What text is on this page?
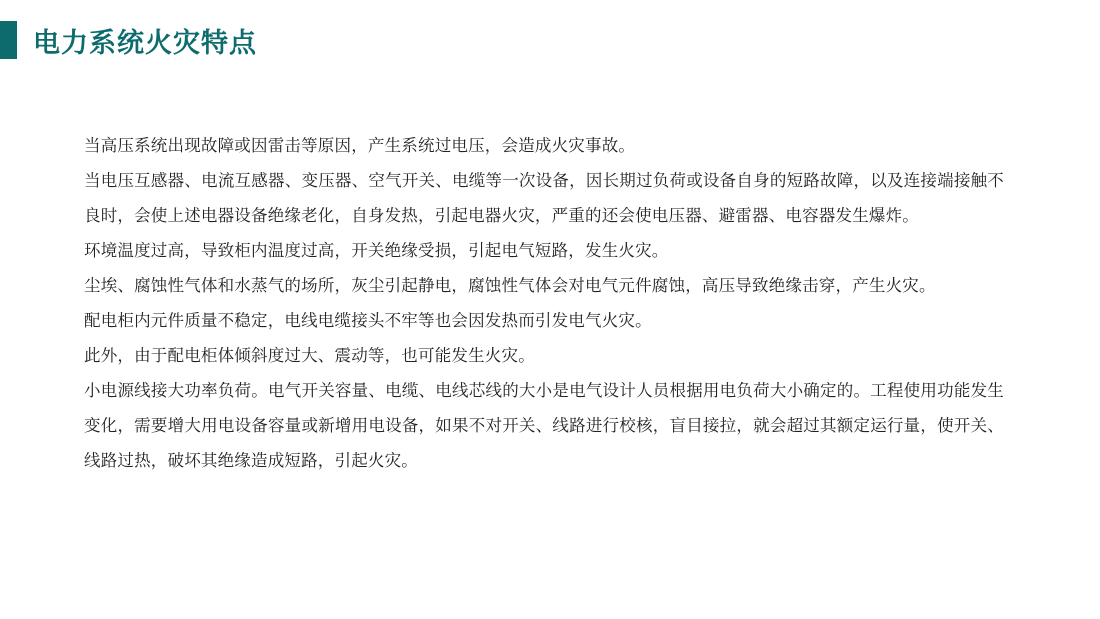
电力系统火灾特点

当高压系统出现故障或因雷击等原因，产生系统过电压，会造成火灾事故。

当电压互感器、电流互感器、变压器、空气开关、电缆等一次设备，因长期过负荷或设备自身的短路故障，以及连接端接触不良时，会使上述电器设备绝缘老化，自身发热，引起电器火灾，严重的还会使电压器、避雷器、电容器发生爆炸。

环境温度过高，导致柜内温度过高，开关绝缘受损，引起电气短路，发生火灾。

尘埃、腐蚀性气体和水蒸气的场所，灰尘引起静电，腐蚀性气体会对电气元件腐蚀，高压导致绝缘击穿，产生火灾。

配电柜内元件质量不稳定，电线电缆接头不牢等也会因发热而引发电气火灾。

此外，由于配电柜体倾斜度过大、震动等，也可能发生火灾。

小电源线接大功率负荷。电气开关容量、电缆、电线芯线的大小是电气设计人员根据用电负荷大小确定的。工程使用功能发生变化，需要增大用电设备容量或新增用电设备，如果不对开关、线路进行校核，盲目接拉，就会超过其额定运行量，使开关、线路过热，破坏其绝缘造成短路，引起火灾。
